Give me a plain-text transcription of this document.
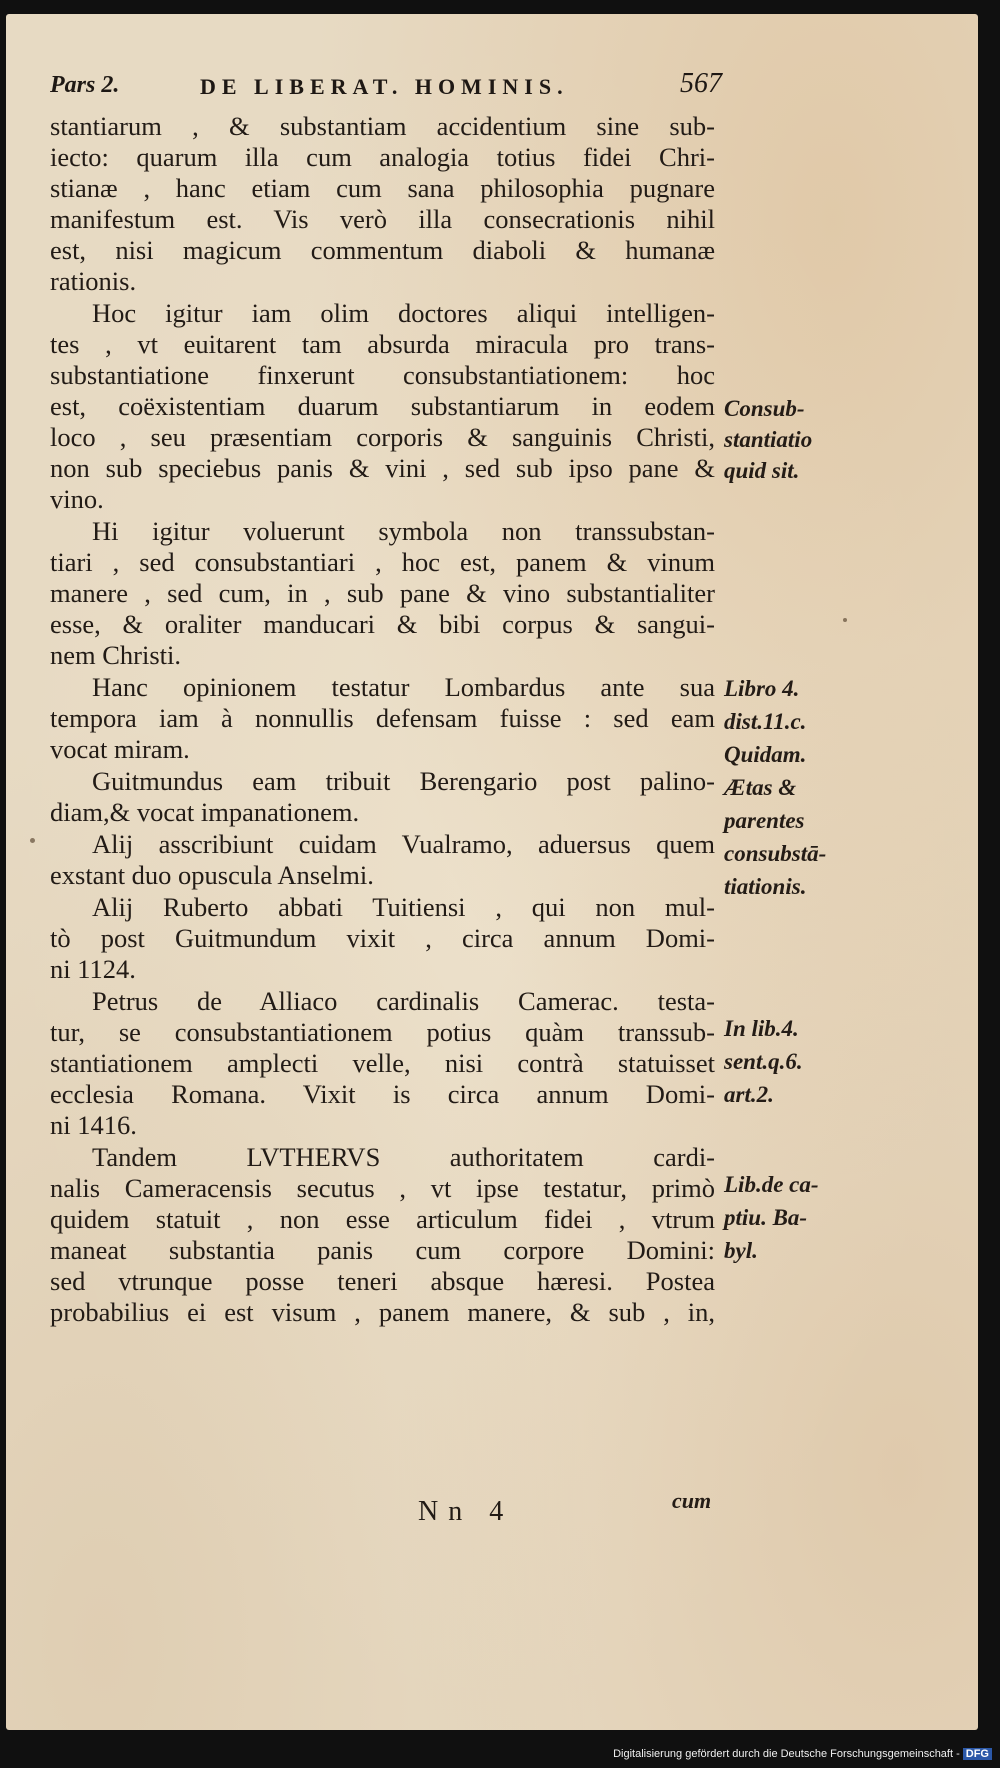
Pars 2.	DE LIBERAT. HOMINIS.	567
stantiarum , & substantiam accidentium sine sub-
iecto: quarum illa cum analogia totius fidei Chri-
stianæ , hanc etiam cum sana philosophia pugnare
manifestum est. Vis verò illa consecrationis nihil
est, nisi magicum commentum diaboli & humanæ
rationis.
Hoc igitur iam olim doctores aliqui intelligen-
tes , vt euitarent tam absurda miracula pro trans-
substantiatione finxerunt consubstantiationem: hoc
est, coëxistentiam duarum substantiarum in eodem
loco , seu præsentiam corporis & sanguinis Christi,
non sub speciebus panis & vini , sed sub ipso pane &
vino.
Hi igitur voluerunt symbola non transsubstan-
tiari , sed consubstantiari , hoc est, panem & vinum
manere , sed cum, in , sub pane & vino substantialiter
esse, & oraliter manducari & bibi corpus & sangui-
nem Christi.
Hanc opinionem testatur Lombardus ante sua
tempora iam à nonnullis defensam fuisse : sed eam
vocat miram.
Guitmundus eam tribuit Berengario post palino-
diam,& vocat impanationem.
Alij asscribiunt cuidam Vualramo, aduersus quem
exstant duo opuscula Anselmi.
Alij Ruberto abbati Tuitiensi , qui non mul-
tò post Guitmundum vixit , circa annum Domi-
ni 1124.
Petrus de Alliaco cardinalis Camerac. testa-
tur, se consubstantiationem potius quàm transsub-
stantiationem amplecti velle, nisi contrà statuisset
ecclesia Romana. Vixit is circa annum Domi-
ni 1416.
Tandem LVTHERVS authoritatem cardi-
nalis Cameracensis secutus , vt ipse testatur, primò
quidem statuit , non esse articulum fidei , vtrum
maneat substantia panis cum corpore Domini:
sed vtrunque posse teneri absque hæresi. Postea
probabilius ei est visum , panem manere, & sub , in,
Consub-
stantiatio
quid sit.
Libro 4.
dist.11.c.
Quidam.
Ætas &
parentes
consubstā-
tiationis.
In lib.4.
sent.q.6.
art.2.
Lib.de ca-
ptiu. Ba-
byl.
Nn 4	cum
Digitalisierung gefördert durch die Deutsche Forschungsgemeinschaft - DFG
